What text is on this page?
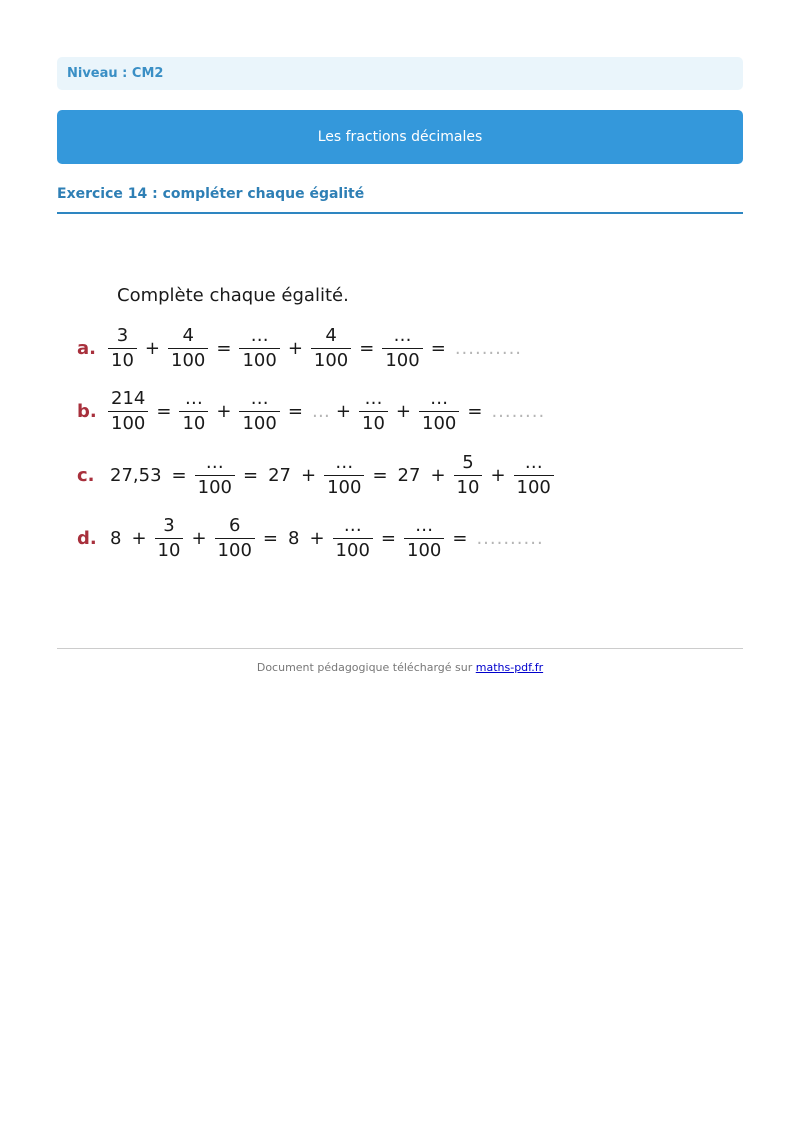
Niveau : CM2
Les fractions décimales
Exercice 14 : compléter chaque égalité
Complète chaque égalité.
a. $\frac{3}{10} + \frac{4}{100} = \frac{\dots}{100} + \frac{4}{100} = \frac{\dots}{100}$ = ..........
b. $\frac{214}{100} = \frac{\dots}{10} + \frac{\dots}{100}$ = … + $\frac{\dots}{10} + \frac{\dots}{100}$ = ........
c. $27,53 = \frac{\dots}{100} = 27 + \frac{\dots}{100} = 27 + \frac{5}{10} + \frac{\dots}{100}$
d. $8 + \frac{3}{10} + \frac{6}{100} = 8 + \frac{\dots}{100} = \frac{\dots}{100}$ = ..........
Document pédagogique téléchargé sur maths-pdf.fr
